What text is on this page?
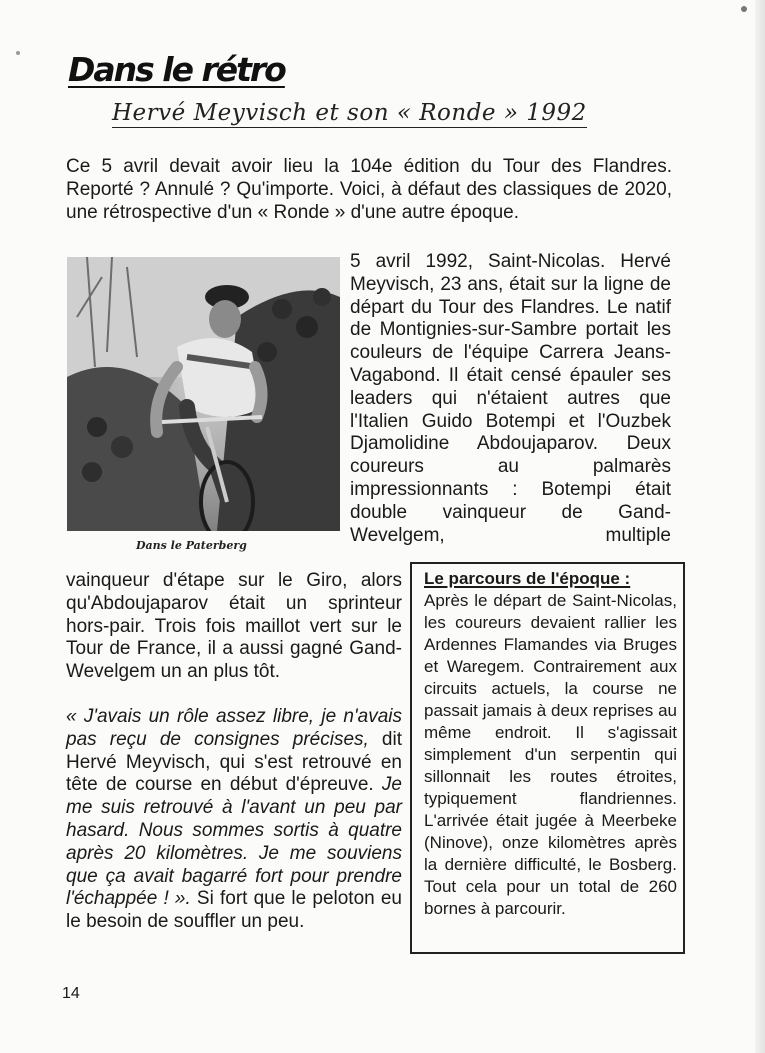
Dans le rétro
Hervé Meyvisch et son « Ronde » 1992

Ce 5 avril devait avoir lieu la 104e édition du Tour des Flandres. Reporté ? Annulé ? Qu'importe. Voici, à défaut des classiques de 2020, une rétrospective d'un « Ronde » d'une autre époque.

Dans le Paterberg

5 avril 1992, Saint-Nicolas. Hervé Meyvisch, 23 ans, était sur la ligne de départ du Tour des Flandres. Le natif de Montignies-sur-Sambre portait les couleurs de l'équipe Carrera Jeans-Vagabond. Il était censé épauler ses leaders qui n'étaient autres que l'Italien Guido Botempi et l'Ouzbek Djamolidine Abdoujaparov. Deux coureurs au palmarès impressionnants : Botempi était double vainqueur de Gand-Wevelgem, multiple

vainqueur d'étape sur le Giro, alors qu'Abdoujaparov était un sprinteur hors-pair. Trois fois maillot vert sur le Tour de France, il a aussi gagné Gand-Wevelgem un an plus tôt.

« J'avais un rôle assez libre, je n'avais pas reçu de consignes précises, dit Hervé Meyvisch, qui s'est retrouvé en tête de course en début d'épreuve. Je me suis retrouvé à l'avant un peu par hasard. Nous sommes sortis à quatre après 20 kilomètres. Je me souviens que ça avait bagarré fort pour prendre l'échappée ! ». Si fort que le peloton eu le besoin de souffler un peu.

Le parcours de l'époque :

Après le départ de Saint-Nicolas, les coureurs devaient rallier les Ardennes Flamandes via Bruges et Waregem. Contrairement aux circuits actuels, la course ne passait jamais à deux reprises au même endroit. Il s'agissait simplement d'un serpentin qui sillonnait les routes étroites, typiquement flandriennes. L'arrivée était jugée à Meerbeke (Ninove), onze kilomètres après la dernière difficulté, le Bosberg. Tout cela pour un total de 260 bornes à parcourir.

14
